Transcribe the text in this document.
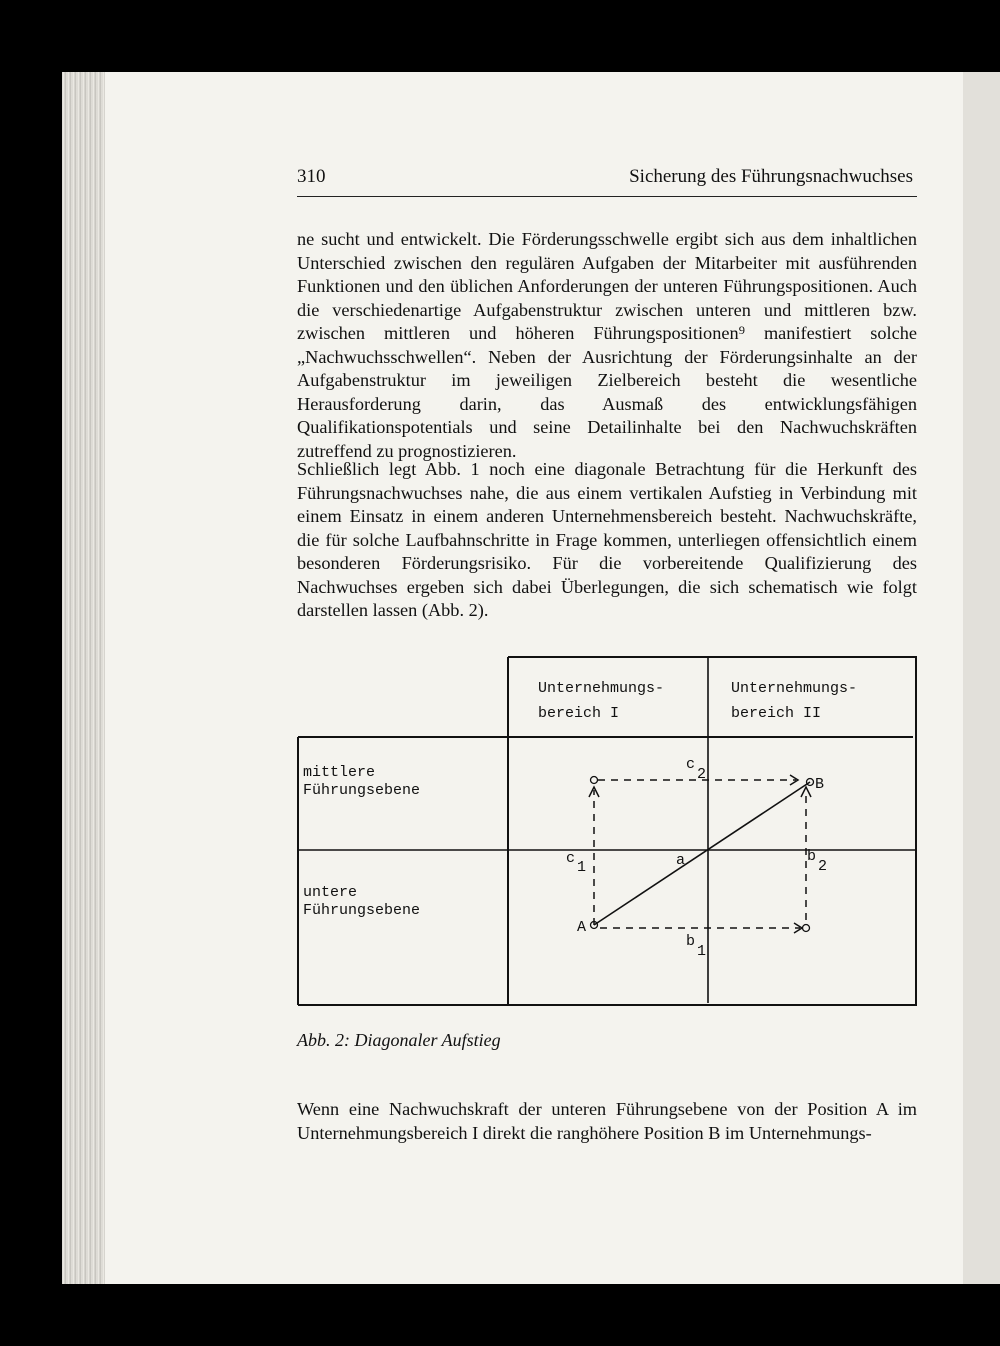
310	Sicherung des Führungsnachwuchses

ne sucht und entwickelt. Die Förderungsschwelle ergibt sich aus dem inhaltlichen Unterschied zwischen den regulären Aufgaben der Mitarbeiter mit ausführenden Funktionen und den üblichen Anforderungen der unteren Führungspositionen. Auch die verschiedenartige Aufgabenstruktur zwischen unteren und mittleren bzw. zwischen mittleren und höheren Führungspositionen⁹ manifestiert solche „Nachwuchsschwellen“. Neben der Ausrichtung der Förderungsinhalte an der Aufgabenstruktur im jeweiligen Zielbereich besteht die wesentliche Herausforderung darin, das Ausmaß des entwicklungsfähigen Qualifikationspotentials und seine Detailinhalte bei den Nachwuchskräften zutreffend zu prognostizieren.

Schließlich legt Abb. 1 noch eine diagonale Betrachtung für die Herkunft des Führungsnachwuchses nahe, die aus einem vertikalen Aufstieg in Verbindung mit einem Einsatz in einem anderen Unternehmensbereich besteht. Nachwuchskräfte, die für solche Laufbahnschritte in Frage kommen, unterliegen offensichtlich einem besonderen Förderungsrisiko. Für die vorbereitende Qualifizierung des Nachwuchses ergeben sich dabei Überlegungen, die sich schematisch wie folgt darstellen lassen (Abb. 2).

Unternehmungs-
bereich I
Unternehmungs-
bereich II
mittlere
Führungsebene
untere
Führungsebene
A
B
a
c
2
c
1
b
1
b
2
Abb. 2: Diagonaler Aufstieg

Wenn eine Nachwuchskraft der unteren Führungsebene von der Position A im Unternehmungsbereich I direkt die ranghöhere Position B im Unternehmungs-
